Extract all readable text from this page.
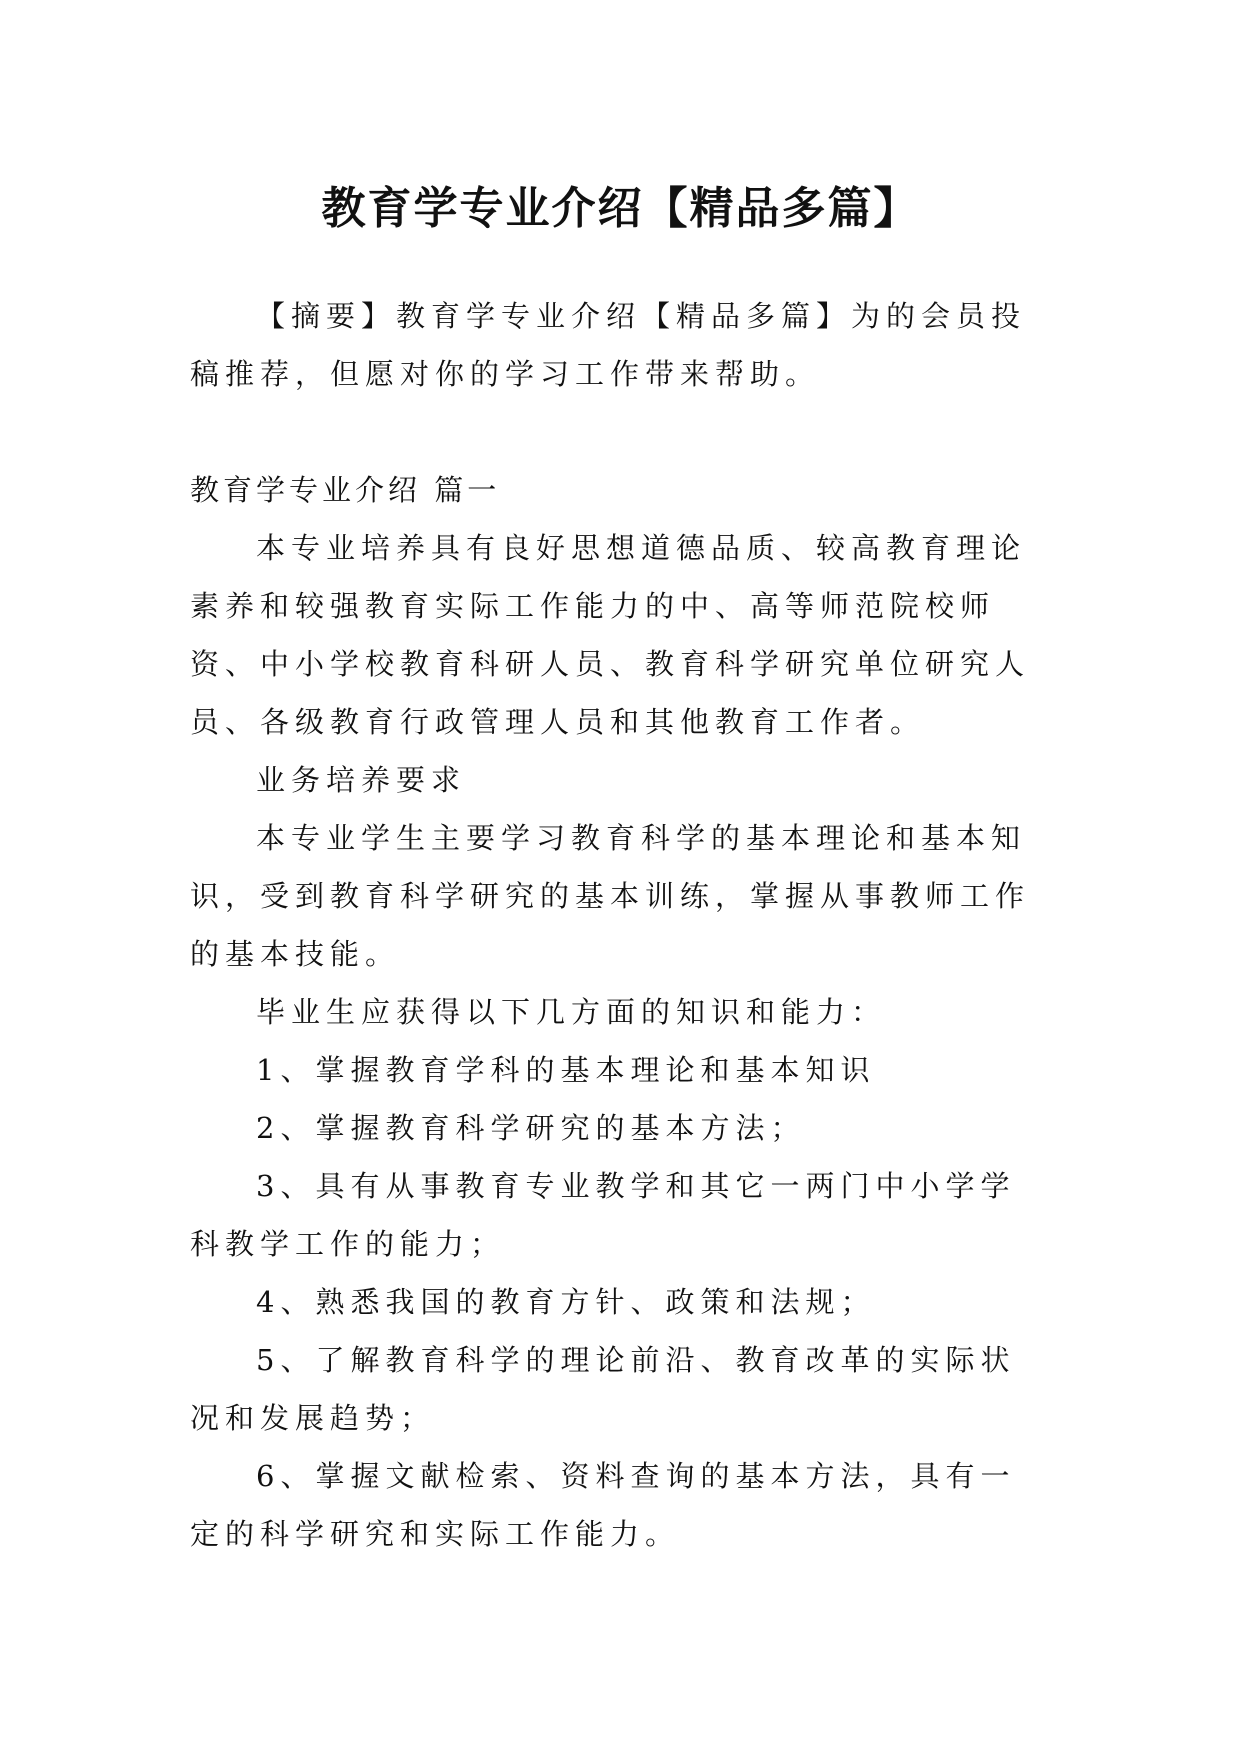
教育学专业介绍【精品多篇】

【摘要】教育学专业介绍【精品多篇】为的会员投稿推荐，但愿对你的学习工作带来帮助。

教育学专业介绍 篇一

本专业培养具有良好思想道德品质、较高教育理论素养和较强教育实际工作能力的中、高等师范院校师资、中小学校教育科研人员、教育科学研究单位研究人员、各级教育行政管理人员和其他教育工作者。

业务培养要求

本专业学生主要学习教育科学的基本理论和基本知识，受到教育科学研究的基本训练，掌握从事教师工作的基本技能。

毕业生应获得以下几方面的知识和能力：

1、掌握教育学科的基本理论和基本知识

2、掌握教育科学研究的基本方法；

3、具有从事教育专业教学和其它一两门中小学学科教学工作的能力；

4、熟悉我国的教育方针、政策和法规；

5、了解教育科学的理论前沿、教育改革的实际状况和发展趋势；

6、掌握文献检索、资料查询的基本方法，具有一定的科学研究和实际工作能力。
